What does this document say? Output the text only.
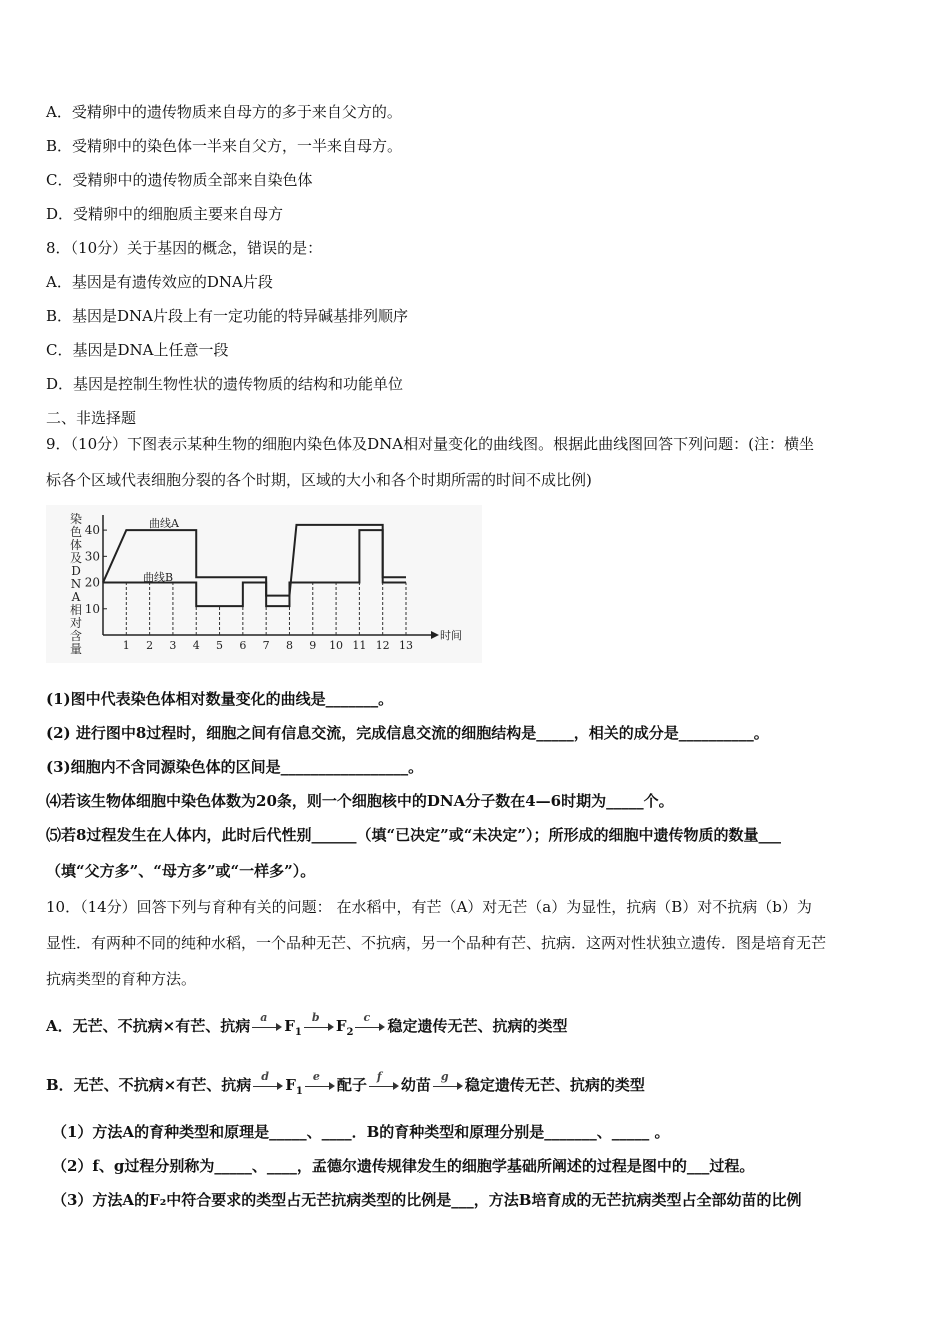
A．受精卵中的遗传物质来自母方的多于来自父方的。
B．受精卵中的染色体一半来自父方，一半来自母方。
C．受精卵中的遗传物质全部来自染色体
D．受精卵中的细胞质主要来自母方
8．（10分）关于基因的概念，错误的是：
A．基因是有遗传效应的DNA片段
B．基因是DNA片段上有一定功能的特异碱基排列顺序
C．基因是DNA上任意一段
D．基因是控制生物性状的遗传物质的结构和功能单位
二、非选择题
9．（10分）下图表示某种生物的细胞内染色体及DNA相对量变化的曲线图。根据此曲线图回答下列问题：(注：横坐
标各个区域代表细胞分裂的各个时期，区域的大小和各个时期所需的时间不成比例)
染
色
体
及
D
N
A
相
对
含
量
40
30
20
10
1 2 3 4 5 6 7 8 9 10 11 12 13
时间
曲线A
曲线B
(1)图中代表染色体相对数量变化的曲线是_______。
(2) 进行图中8过程时，细胞之间有信息交流，完成信息交流的细胞结构是_____，相关的成分是__________。
(3)细胞内不含同源染色体的区间是_________________。
⑷若该生物体细胞中染色体数为20条，则一个细胞核中的DNA分子数在4—6时期为_____个。
⑸若8过程发生在人体内，此时后代性别______（填“已决定”或“未决定”）；所形成的细胞中遗传物质的数量___
（填“父方多”、“母方多”或“一样多”）。
10．（14分）回答下列与育种有关的问题： 在水稻中，有芒（A）对无芒（a）为显性，抗病（B）对不抗病（b）为
显性．有两种不同的纯种水稻，一个品种无芒、不抗病，另一个品种有芒、抗病．这两对性状独立遗传．图是培育无芒
抗病类型的育种方法。
A．无芒、不抗病×有芒、抗病 a $F_1$
b $F_2$
c 稳定遗传无芒、抗病的类型
B．无芒、不抗病×有芒、抗病 d $F_1$
e 配子 f 幼苗 g 稳定遗传无芒、抗病的类型
（1）方法A的育种类型和原理是_____、____．B的育种类型和原理分别是_______、_____ 。
（2）f、g过程分别称为_____、____，孟德尔遗传规律发生的细胞学基础所阐述的过程是图中的___过程。
（3）方法A的F₂中符合要求的类型占无芒抗病类型的比例是___，方法B培育成的无芒抗病类型占全部幼苗的比例
